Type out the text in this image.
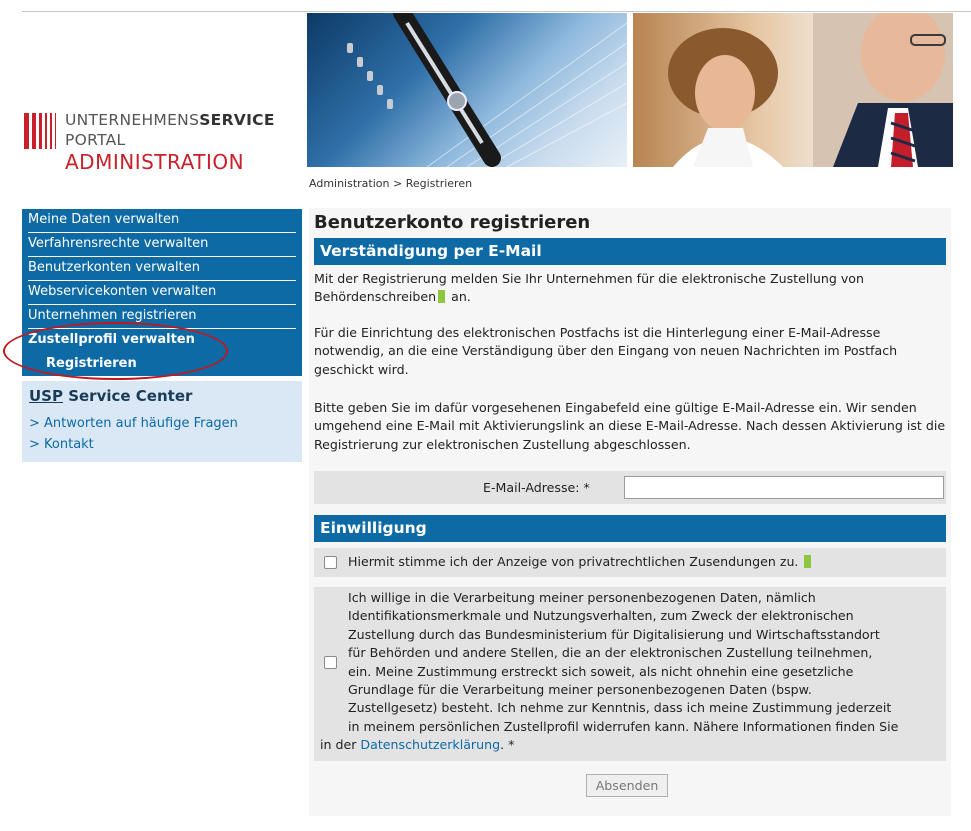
UNTERNEHMENSSERVICE
PORTAL
ADMINISTRATION
Administration > Registrieren
Meine Daten verwalten
Verfahrensrechte verwalten
Benutzerkonten verwalten
Webservicekonten verwalten
Unternehmen registrieren
Zustellprofil verwalten
Registrieren
USP Service Center
> Antworten auf häufige Fragen
> Kontakt
Benutzerkonto registrieren
Verständigung per E-Mail
Mit der Registrierung melden Sie Ihr Unternehmen für die elektronische Zustellung von Behördenschreiben an.
Für die Einrichtung des elektronischen Postfachs ist die Hinterlegung einer E-Mail-Adresse notwendig, an die eine Verständigung über den Eingang von neuen Nachrichten im Postfach geschickt wird.
Bitte geben Sie im dafür vorgesehenen Eingabefeld eine gültige E-Mail-Adresse ein. Wir senden umgehend eine E-Mail mit Aktivierungslink an diese E-Mail-Adresse. Nach dessen Aktivierung ist die Registrierung zur elektronischen Zustellung abgeschlossen.
E-Mail-Adresse: *
Einwilligung
Hiermit stimme ich der Anzeige von privatrechtlichen Zusendungen zu.
Ich willige in die Verarbeitung meiner personenbezogenen Daten, nämlich
Identifikationsmerkmale und Nutzungsverhalten, zum Zweck der elektronischen
Zustellung durch das Bundesministerium für Digitalisierung und Wirtschaftsstandort
für Behörden und andere Stellen, die an der elektronischen Zustellung teilnehmen,
ein. Meine Zustimmung erstreckt sich soweit, als nicht ohnehin eine gesetzliche
Grundlage für die Verarbeitung meiner personenbezogenen Daten (bspw.
Zustellgesetz) besteht. Ich nehme zur Kenntnis, dass ich meine Zustimmung jederzeit
in meinem persönlichen Zustellprofil widerrufen kann. Nähere Informationen finden Sie
in der Datenschutzerklärung. *
Absenden
